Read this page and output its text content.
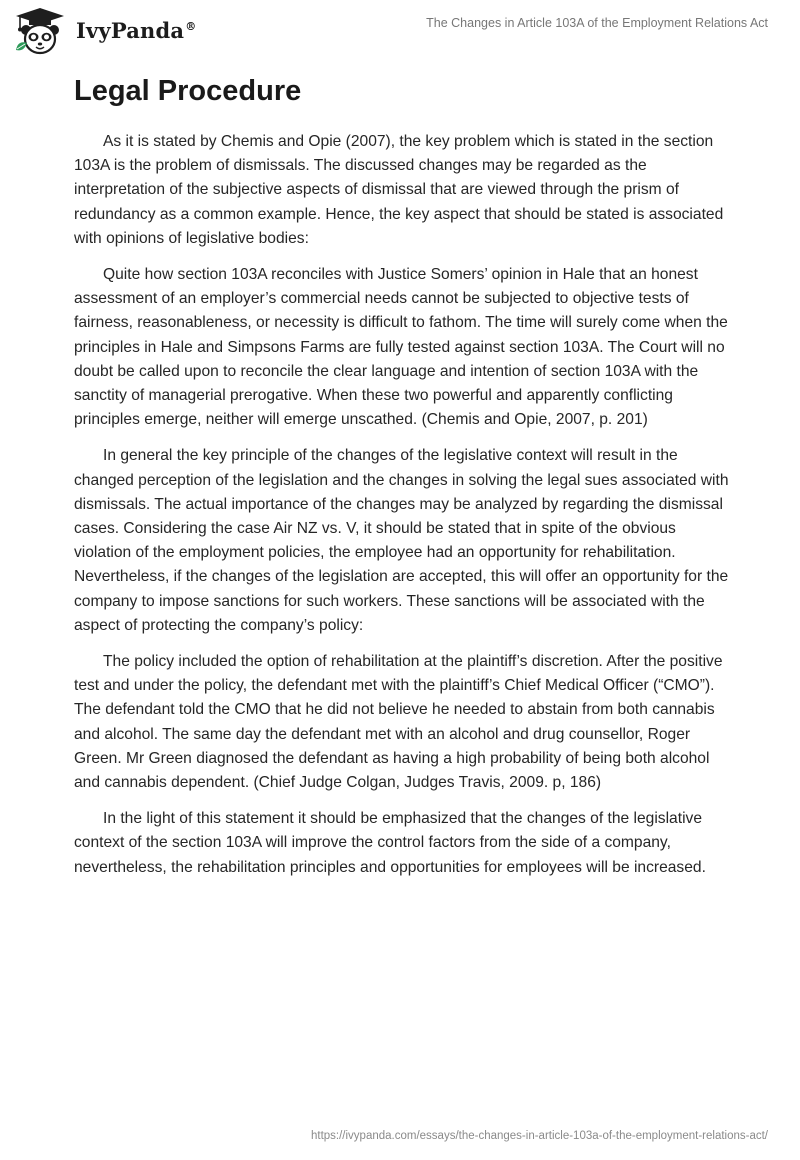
IvyPanda®	The Changes in Article 103A of the Employment Relations Act
Legal Procedure

As it is stated by Chemis and Opie (2007), the key problem which is stated in the section 103A is the problem of dismissals. The discussed changes may be regarded as the interpretation of the subjective aspects of dismissal that are viewed through the prism of redundancy as a common example. Hence, the key aspect that should be stated is associated with opinions of legislative bodies:

Quite how section 103A reconciles with Justice Somers’ opinion in Hale that an honest assessment of an employer’s commercial needs cannot be subjected to objective tests of fairness, reasonableness, or necessity is difficult to fathom. The time will surely come when the principles in Hale and Simpsons Farms are fully tested against section 103A. The Court will no doubt be called upon to reconcile the clear language and intention of section 103A with the sanctity of managerial prerogative. When these two powerful and apparently conflicting principles emerge, neither will emerge unscathed. (Chemis and Opie, 2007, p. 201)

In general the key principle of the changes of the legislative context will result in the changed perception of the legislation and the changes in solving the legal sues associated with dismissals. The actual importance of the changes may be analyzed by regarding the dismissal cases. Considering the case Air NZ vs. V, it should be stated that in spite of the obvious violation of the employment policies, the employee had an opportunity for rehabilitation. Nevertheless, if the changes of the legislation are accepted, this will offer an opportunity for the company to impose sanctions for such workers. These sanctions will be associated with the aspect of protecting the company’s policy:

The policy included the option of rehabilitation at the plaintiff’s discretion. After the positive test and under the policy, the defendant met with the plaintiff’s Chief Medical Officer (“CMO”). The defendant told the CMO that he did not believe he needed to abstain from both cannabis and alcohol. The same day the defendant met with an alcohol and drug counsellor, Roger Green. Mr Green diagnosed the defendant as having a high probability of being both alcohol and cannabis dependent. (Chief Judge Colgan, Judges Travis, 2009. p, 186)

In the light of this statement it should be emphasized that the changes of the legislative context of the section 103A will improve the control factors from the side of a company, nevertheless, the rehabilitation principles and opportunities for employees will be increased.

https://ivypanda.com/essays/the-changes-in-article-103a-of-the-employment-relations-act/
